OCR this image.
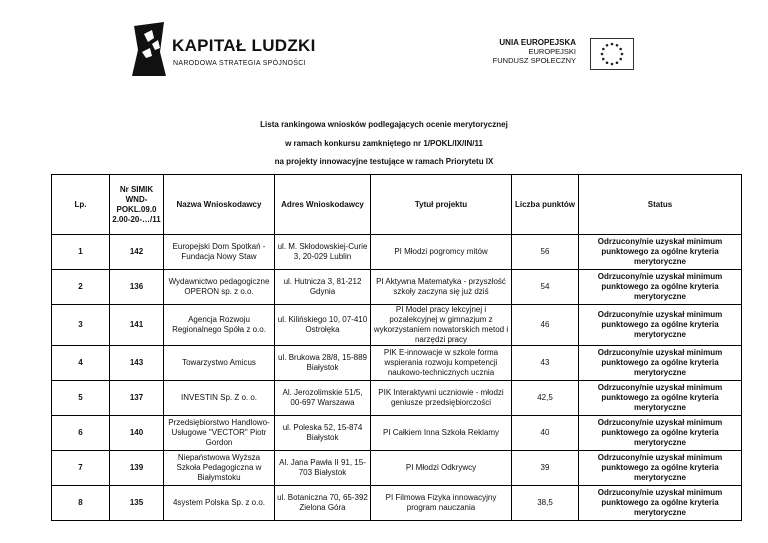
KAPITAŁ LUDZKI
NARODOWA STRATEGIA SPÓJNOŚCI
UNIA EUROPEJSKA
EUROPEJSKI
FUNDUSZ SPOŁECZNY
Lista rankingowa wniosków podlegających ocenie merytorycznej
w ramach konkursu zamkniętego nr 1/POKL/IX/IN/11
na projekty innowacyjne testujące w ramach Priorytetu IX
Lp.	Nr SIMIK WND-POKL.09.0 2.00-20-…/11	Nazwa Wnioskodawcy	Adres Wnioskodawcy	Tytuł projektu	Liczba punktów	Status
1	142	Europejski Dom Spotkań - Fundacja Nowy Staw	ul. M. Skłodowskiej-Curie 3, 20-029 Lublin	PI Młodzi pogromcy mitów	56	Odrzucony/nie uzyskał minimum punktowego za ogólne kryteria merytoryczne
2	136	Wydawnictwo pedagogiczne OPERON sp. z o.o.	ul. Hutnicza 3, 81-212 Gdynia	PI Aktywna Matematyka - przyszłość szkoły zaczyna się już dziś	54	Odrzucony/nie uzyskał minimum punktowego za ogólne kryteria merytoryczne
3	141	Agencja Rozwoju Regionalnego Spóła z o.o.	ul. Kilińskiego 10, 07-410 Ostrołęka	PI Model pracy lekcyjnej i pozalekcyjnej w gimnazjum z wykorzystaniem nowatorskich metod i narzędzi pracy	46	Odrzucony/nie uzyskał minimum punktowego za ogólne kryteria merytoryczne
4	143	Towarzystwo Amicus	ul. Brukowa 28/8, 15-889 Białystok	PIK E-innowacje w szkole forma wspierania rozwoju kompetencji naukowo-technicznych ucznia	43	Odrzucony/nie uzyskał minimum punktowego za ogólne kryteria merytoryczne
5	137	INVESTIN Sp. Z o. o.	Al. Jerozolimskie 51/5, 00-697 Warszawa	PIK Interaktywni uczniowie - młodzi geniusze przedsiębiorczości	42,5	Odrzucony/nie uzyskał minimum punktowego za ogólne kryteria merytoryczne
6	140	Przedsiębiorstwo Handlowo-Usługowe "VECTOR" Piotr Gordon	ul. Poleska 52, 15-874 Białystok	PI Całkiem Inna Szkoła Reklamy	40	Odrzucony/nie uzyskał minimum punktowego za ogólne kryteria merytoryczne
7	139	Niepaństwowa Wyższa Szkoła Pedagogiczna w Białymstoku	Al. Jana Pawła II 91, 15-703 Białystok	PI Młodzi Odkrywcy	39	Odrzucony/nie uzyskał minimum punktowego za ogólne kryteria merytoryczne
8	135	4system Polska Sp. z o.o.	ul. Botaniczna 70, 65-392 Zielona Góra	PI Filmowa Fizyka innowacyjny program nauczania	38,5	Odrzucony/nie uzyskał minimum punktowego za ogólne kryteria merytoryczne
